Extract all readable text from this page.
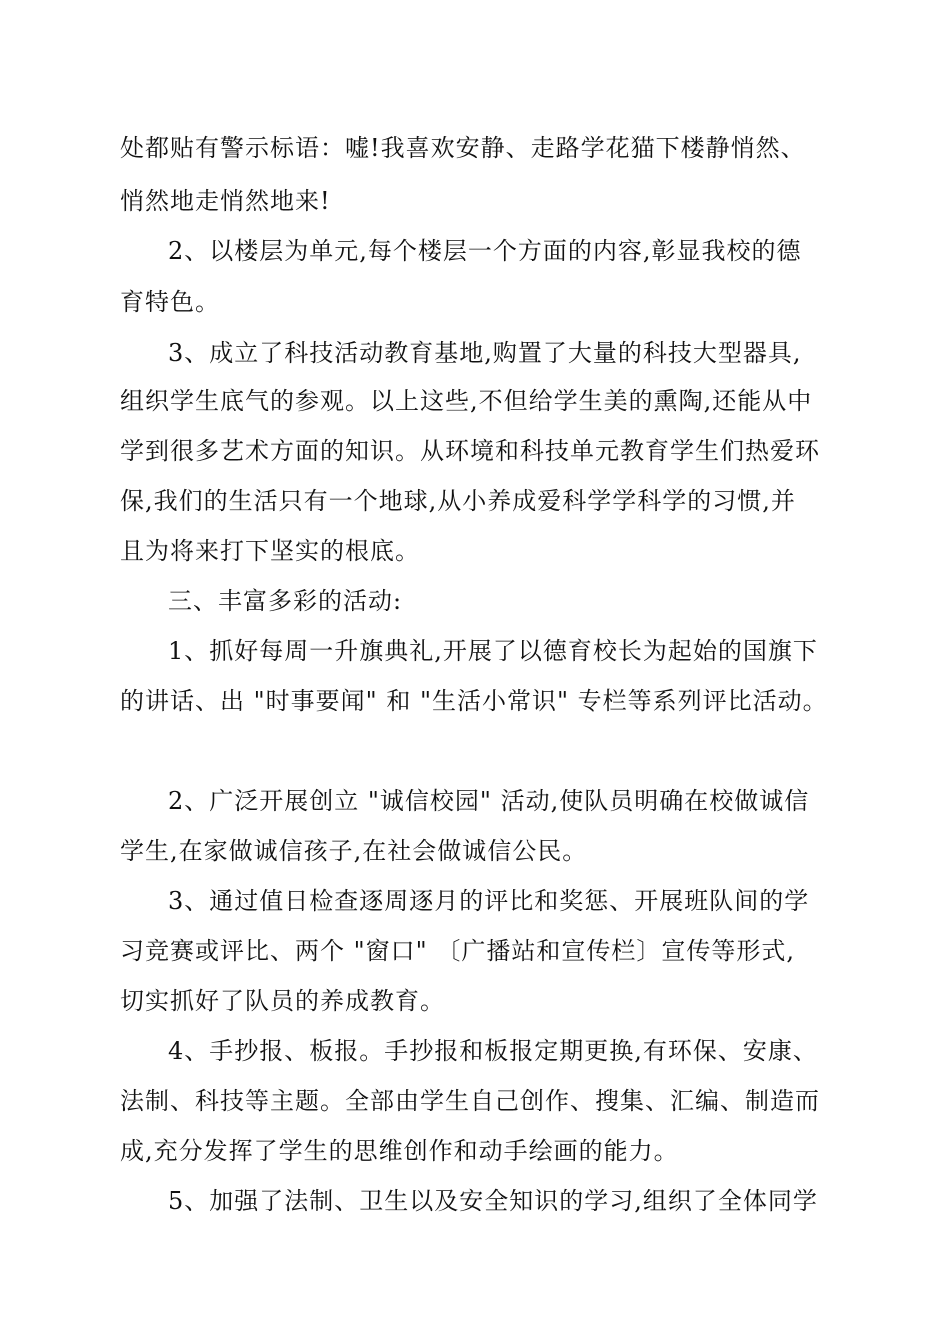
处都贴有警示标语：嘘!我喜欢安静、走路学花猫下楼静悄然、
悄然地走悄然地来!
2、以楼层为单元,每个楼层一个方面的内容,彰显我校的德
育特色。
3、成立了科技活动教育基地,购置了大量的科技大型器具,
组织学生底气的参观。以上这些,不但给学生美的熏陶,还能从中
学到很多艺术方面的知识。从环境和科技单元教育学生们热爱环
保,我们的生活只有一个地球,从小养成爱科学学科学的习惯,并
且为将来打下坚实的根底。
三、丰富多彩的活动:
1、抓好每周一升旗典礼,开展了以德育校长为起始的国旗下
的讲话、出 "时事要闻" 和 "生活小常识" 专栏等系列评比活动。
2、广泛开展创立 "诚信校园" 活动,使队员明确在校做诚信
学生,在家做诚信孩子,在社会做诚信公民。
3、通过值日检查逐周逐月的评比和奖惩、开展班队间的学
习竞赛或评比、两个 "窗口" 〔广播站和宣传栏〕宣传等形式,
切实抓好了队员的养成教育。
4、手抄报、板报。手抄报和板报定期更换,有环保、安康、
法制、科技等主题。全部由学生自己创作、搜集、汇编、制造而
成,充分发挥了学生的思维创作和动手绘画的能力。
5、加强了法制、卫生以及安全知识的学习,组织了全体同学
